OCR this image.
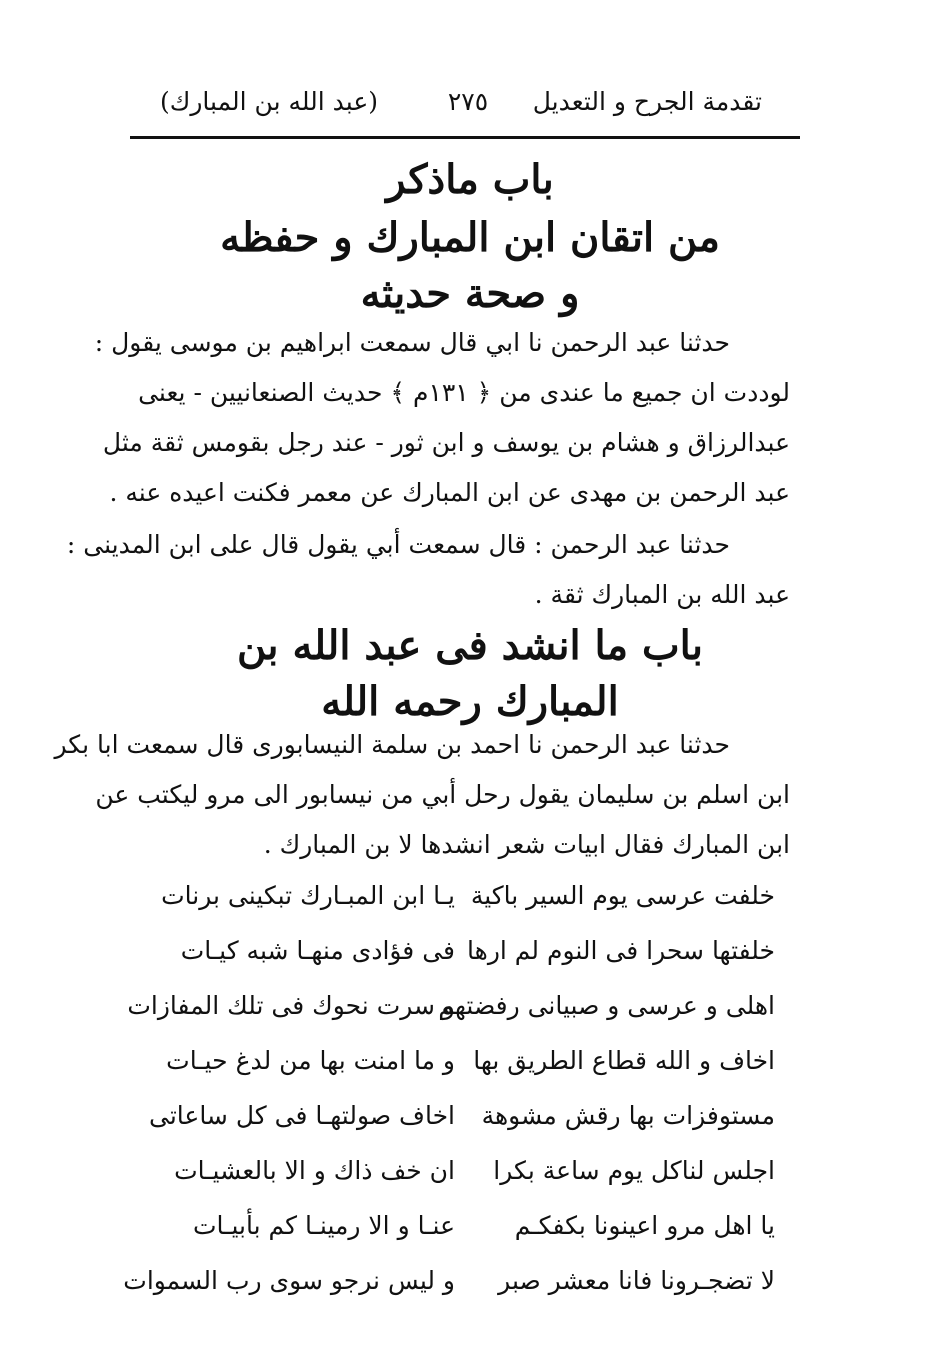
تقدمة الجرح و التعديل
٢٧٥
(عبد الله بن المبارك)
باب ماذكر
من اتقان ابن المبارك و حفظه
و صحة حديثه
حدثنا عبد الرحمن نا ابي قال سمعت ابراهيم بن موسى يقول :
لوددت ان جميع ما عندى من ﴿ ١٣١م ﴾ حديث الصنعانيين - يعنى
عبدالرزاق و هشام بن يوسف و ابن ثور - عند رجل بقومس ثقة مثل
عبد الرحمن بن مهدى عن ابن المبارك عن معمر فكنت اعيده عنه .
حدثنا عبد الرحمن : قال سمعت أبي يقول قال على ابن المدينى :
عبد الله بن المبارك ثقة .
باب ما انشد فى عبد الله بن
المبارك رحمه الله
حدثنا عبد الرحمن نا احمد بن سلمة النيسابورى قال سمعت ابا بكر
ابن اسلم بن سليمان يقول رحل أبي من نيسابور الى مرو ليكتب عن
ابن المبارك فقال ابيات شعر انشدها لا بن المبارك .
خلفت عرسى يوم السير باكية
يـا ابن المبـارك تبكينى برنات
خلفتها سحرا فى النوم لم ارها
فى فؤادى منهـا شبه كيـات
اهلى و عرسى و صبيانى رفضتهم
و سرت نحوك فى تلك المفازات
اخاف و الله قطاع الطريق بها
و ما امنت بها من لدغ حيـات
مستوفزات بها رقش مشوهة
اخاف صولتهـا فى كل ساعاتى
اجلس لناكل يوم ساعة بكرا
ان خف ذاك و الا بالعشيـات
يا اهل مرو اعينونا بكفكـم
عنـا و الا رمينـا كم بأبيـات
لا تضجـرونا فانا معشر صبر
و ليس نرجو سوى رب السموات
